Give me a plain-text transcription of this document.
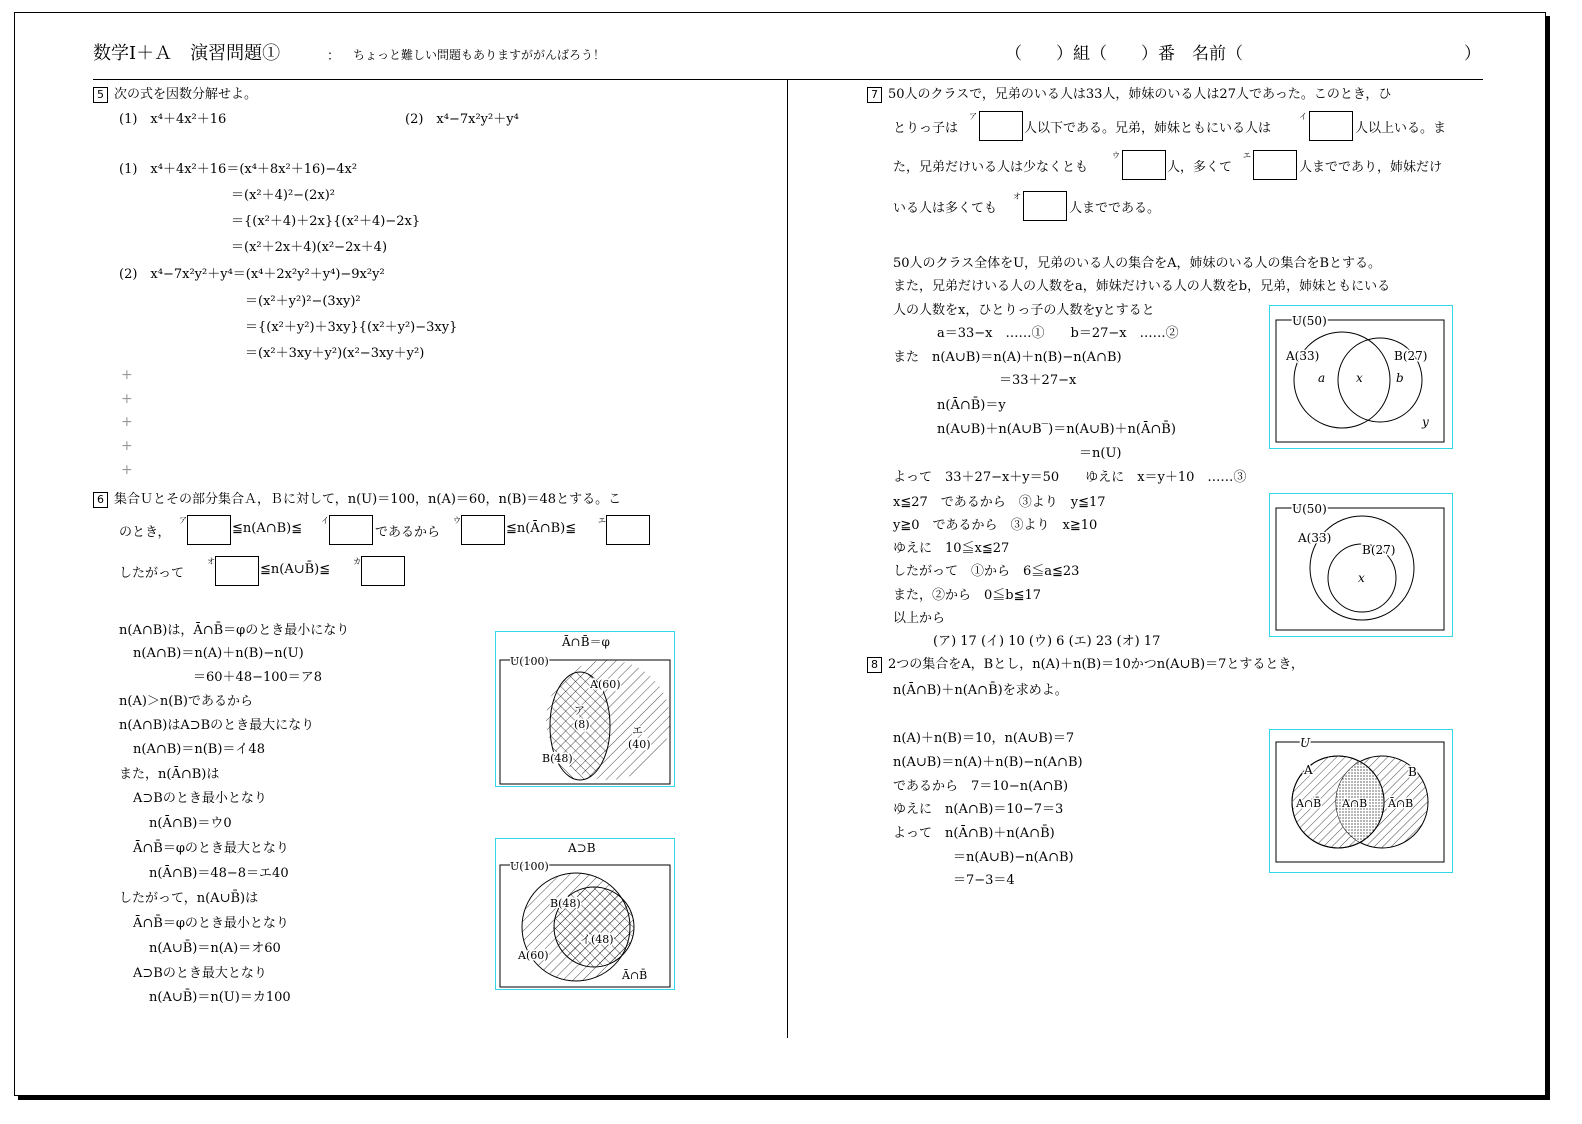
数学Ⅰ＋Ａ　演習問題①	： ちょっと難しい問題もありますががんばろう！	（　　）組（　　）番　名前（　　　　　　　　　　　　　）
5 次の式を因数分解せよ。
(1)　x⁴＋4x²＋16	(2)　x⁴−7x²y²＋y⁴
(1)　x⁴＋4x²＋16＝(x⁴＋8x²＋16)−4x²
＝(x²＋4)²−(2x)²
＝{(x²＋4)＋2x}{(x²＋4)−2x}
＝(x²＋2x＋4)(x²−2x＋4)
(2)　x⁴−7x²y²＋y⁴＝(x⁴＋2x²y²＋y⁴)−9x²y²
＝(x²＋y²)²−(3xy)²
＝{(x²＋y²)＋3xy}{(x²＋y²)−3xy}
＝(x²＋3xy＋y²)(x²−3xy＋y²)
+
+
+
+
+
6 集合Ｕとその部分集合Ａ，Ｂに対して，n(U)＝100，n(A)＝60，n(B)＝48とする。こ
のとき，
ア
≦n(A∩B)≦
イ
であるから
ウ
≦n(Ā∩B)≦
エ
したがって
オ
≦n(A∪B̄)≦
カ
n(A∩B)は，Ā∩B̄＝φのとき最小になり
n(A∩B)＝n(A)＋n(B)−n(U)
＝60＋48−100＝ア8
n(A)＞n(B)であるから
n(A∩B)はA⊃Bのとき最大になり
n(A∩B)＝n(B)＝イ48
また，n(Ā∩B)は
A⊃Bのとき最小となり
n(Ā∩B)＝ウ0
Ā∩B̄＝φのとき最大となり
n(Ā∩B)＝48−8＝エ40
したがって，n(A∪B̄)は
Ā∩B̄＝φのとき最小となり
n(A∪B̄)＝n(A)＝オ60
A⊃Bのとき最大となり
n(A∪B̄)＝n(U)＝カ100
Ā∩B̄＝φ
U(100)
A(60)
ア
(8)	エ
(40)
B(48)
A⊃B
U(100)
B(48)
イ(48)
A(60)
Ā∩B̄
7 50人のクラスで，兄弟のいる人は33人，姉妹のいる人は27人であった。このとき，ひ
とりっ子は
ア
人以下である。兄弟，姉妹ともにいる人は
イ
人以上いる。ま
た，兄弟だけいる人は少なくとも
ウ
人，多くて
エ
人までであり，姉妹だけ
いる人は多くても
オ
人までである。
50人のクラス全体をU，兄弟のいる人の集合をA，姉妹のいる人の集合をBとする。
また，兄弟だけいる人の人数をa，姉妹だけいる人の人数をb，兄弟，姉妹ともにいる
人の人数をx，ひとりっ子の人数をyとすると
a＝33−x　……①　　b＝27−x　……②
また　n(A∪B)＝n(A)＋n(B)−n(A∩B)
＝33＋27−x
n(Ā∩B̄)＝y
n(A∪B)＋n(A∪B‾)＝n(A∪B)＋n(Ā∩B̄)
＝n(U)
よって　33＋27−x＋y＝50　　ゆえに　x＝y＋10　……③
x≦27　であるから　③より　y≦17
y≧0　であるから　③より　x≧10
ゆえに　10≦x≦27
したがって　①から　6≦a≦23
また，②から　0≦b≦17
以上から
(ア) 17 (イ) 10 (ウ) 6 (エ) 23 (オ) 17
U(50)
A(33)	B(27)
a	x	b
y
U(50)
A(33)
B(27)
x
8 2つの集合をA，Bとし，n(A)＋n(B)＝10かつn(A∪B)＝7とするとき，
n(Ā∩B)＋n(A∩B̄)を求めよ。
n(A)＋n(B)＝10，n(A∪B)＝7
n(A∪B)＝n(A)＋n(B)−n(A∩B)
であるから　7＝10−n(A∩B)
ゆえに　n(A∩B)＝10−7＝3
よって　n(Ā∩B)＋n(A∩B̄)
＝n(A∪B)−n(A∩B)
＝7−3＝4
U
A	B
A∩B̄ A∩B Ā∩B
